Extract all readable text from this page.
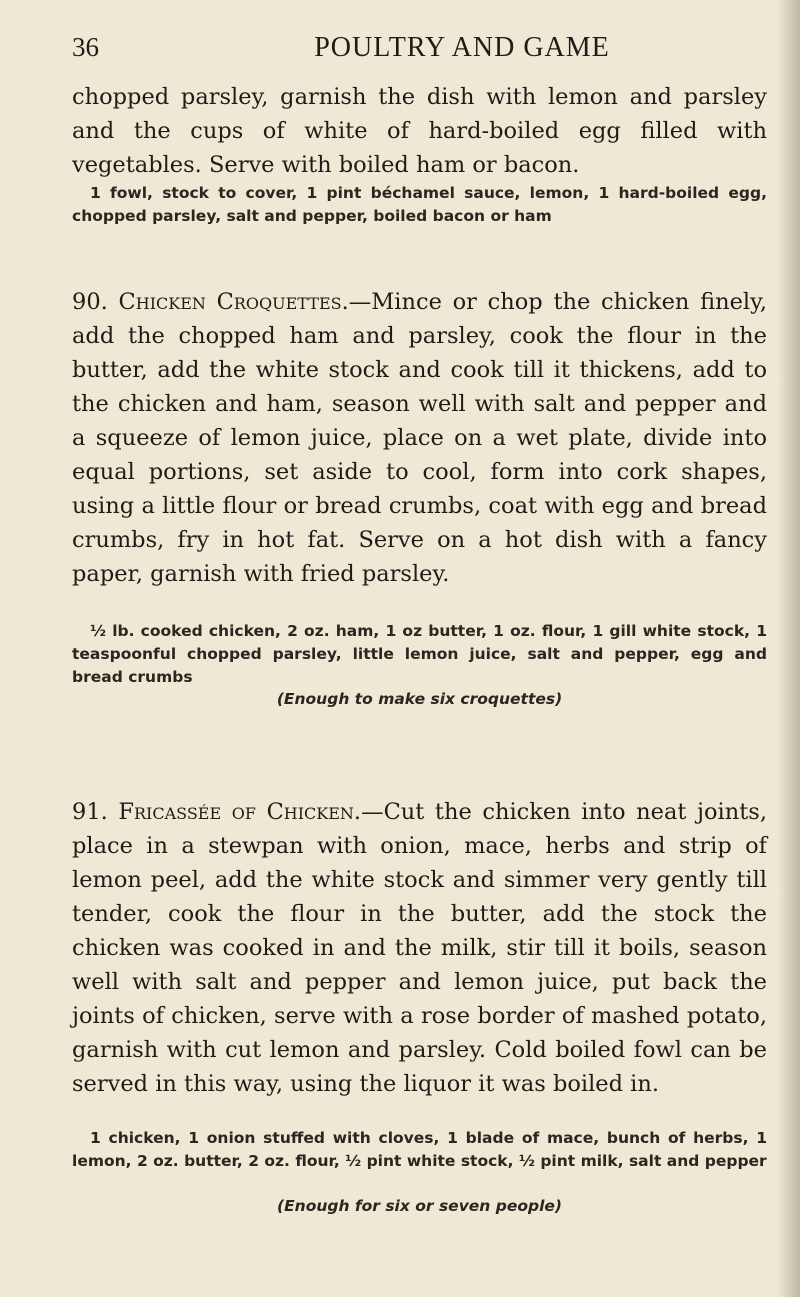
36	POULTRY AND GAME

chopped parsley, garnish the dish with lemon and parsley and the cups of white of hard-boiled egg filled with vegetables. Serve with boiled ham or bacon.

1 fowl, stock to cover, 1 pint béchamel sauce, lemon, 1 hard-boiled egg, chopped parsley, salt and pepper, boiled bacon or ham

90. Chicken Croquettes.—Mince or chop the chicken finely, add the chopped ham and parsley, cook the flour in the butter, add the white stock and cook till it thickens, add to the chicken and ham, season well with salt and pepper and a squeeze of lemon juice, place on a wet plate, divide into equal portions, set aside to cool, form into cork shapes, using a little flour or bread crumbs, coat with egg and bread crumbs, fry in hot fat. Serve on a hot dish with a fancy paper, garnish with fried parsley.

½ lb. cooked chicken, 2 oz. ham, 1 oz butter, 1 oz. flour, 1 gill white stock, 1 teaspoonful chopped parsley, little lemon juice, salt and pepper, egg and bread crumbs

(Enough to make six croquettes)

91. Fricassée of Chicken.—Cut the chicken into neat joints, place in a stewpan with onion, mace, herbs and strip of lemon peel, add the white stock and simmer very gently till tender, cook the flour in the butter, add the stock the chicken was cooked in and the milk, stir till it boils, season well with salt and pepper and lemon juice, put back the joints of chicken, serve with a rose border of mashed potato, garnish with cut lemon and parsley. Cold boiled fowl can be served in this way, using the liquor it was boiled in.

1 chicken, 1 onion stuffed with cloves, 1 blade of mace, bunch of herbs, 1 lemon, 2 oz. butter, 2 oz. flour, ½ pint white stock, ½ pint milk, salt and pepper

(Enough for six or seven people)
